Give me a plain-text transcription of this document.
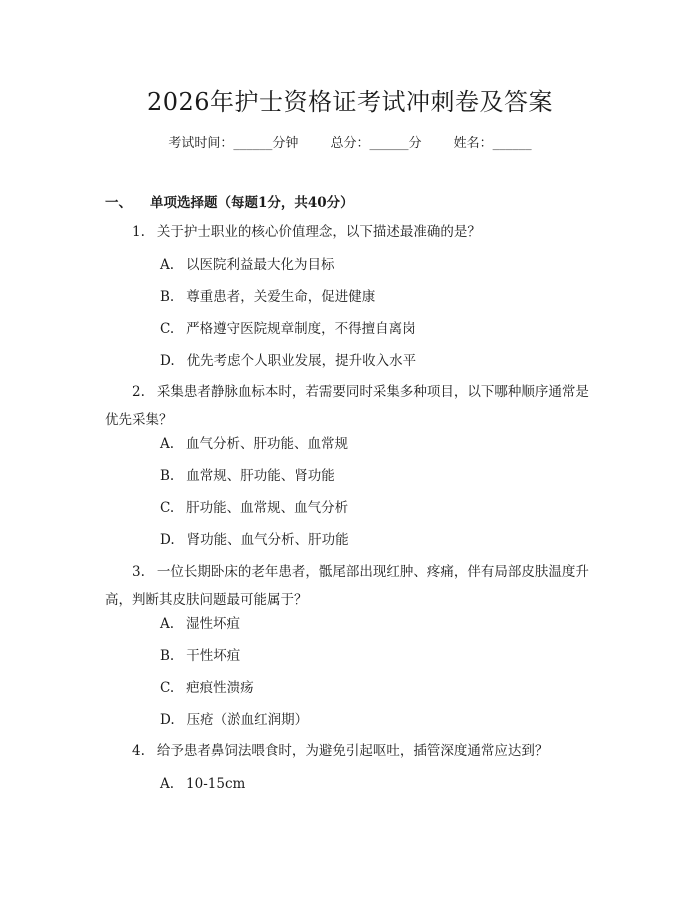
2026年护士资格证考试冲刺卷及答案
考试时间：______分钟 总分：______分 姓名：______
一、 单项选择题（每题1分，共40分）
1. 关于护士职业的核心价值理念，以下描述最准确的是？
A. 以医院利益最大化为目标
B. 尊重患者，关爱生命，促进健康
C. 严格遵守医院规章制度，不得擅自离岗
D. 优先考虑个人职业发展，提升收入水平
2. 采集患者静脉血标本时，若需要同时采集多种项目，以下哪种顺序通常是优先采集？
A. 血气分析、肝功能、血常规
B. 血常规、肝功能、肾功能
C. 肝功能、血常规、血气分析
D. 肾功能、血气分析、肝功能
3. 一位长期卧床的老年患者，骶尾部出现红肿、疼痛，伴有局部皮肤温度升高，判断其皮肤问题最可能属于？
A. 湿性坏疽
B. 干性坏疽
C. 疤痕性溃疡
D. 压疮（淤血红润期）
4. 给予患者鼻饲法喂食时，为避免引起呕吐，插管深度通常应达到？
A. 10-15cm
